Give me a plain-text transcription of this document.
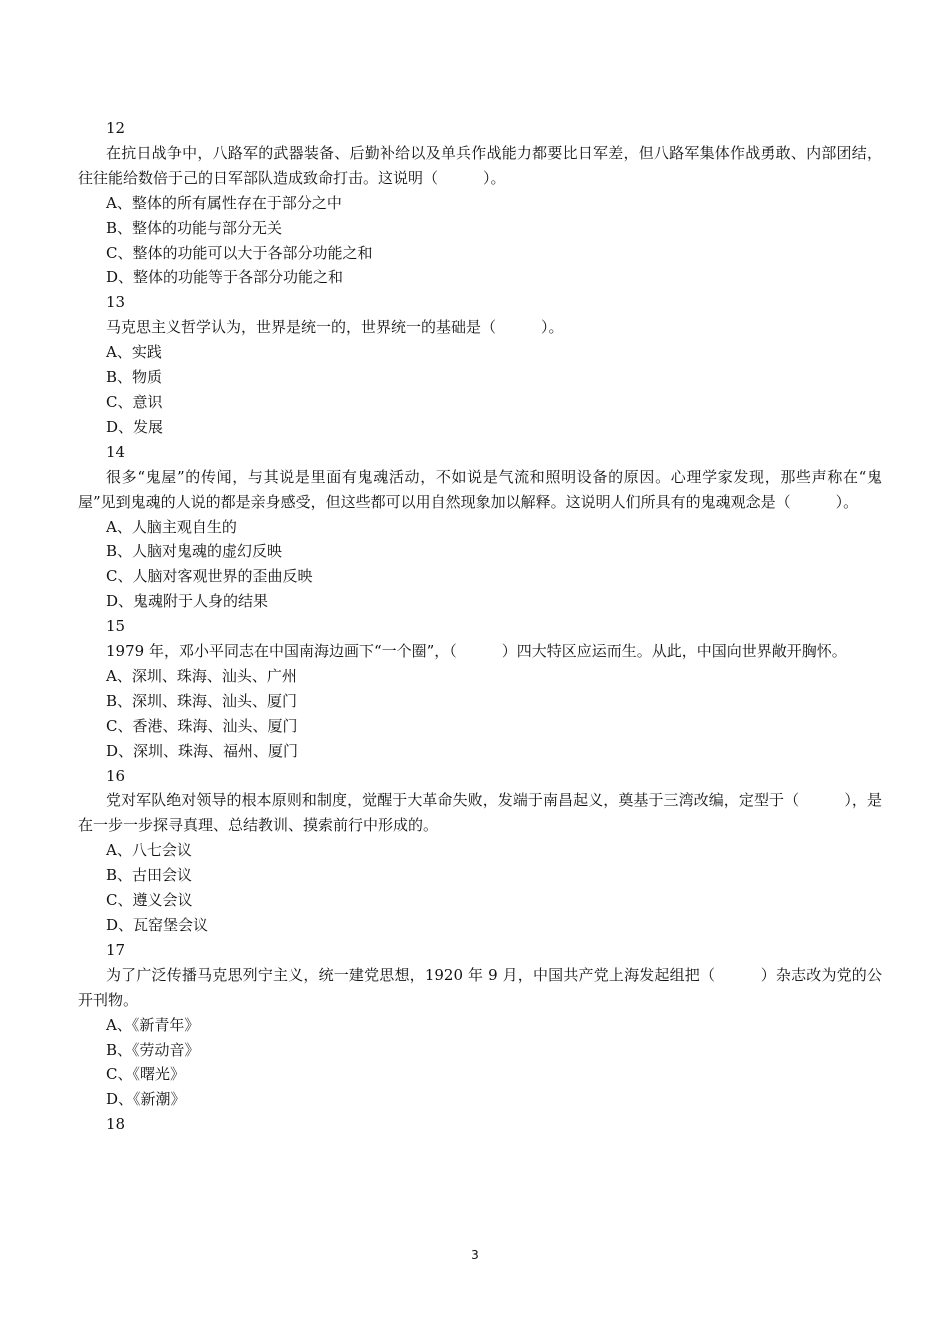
12
在抗日战争中，八路军的武器装备、后勤补给以及单兵作战能力都要比日军差，但八路军集体作战勇敢、内部团结，往往能给数倍于己的日军部队造成致命打击。这说明（　　　）。
A、整体的所有属性存在于部分之中
B、整体的功能与部分无关
C、整体的功能可以大于各部分功能之和
D、整体的功能等于各部分功能之和
13
马克思主义哲学认为，世界是统一的，世界统一的基础是（　　　）。
A、实践
B、物质
C、意识
D、发展
14
很多“鬼屋”的传闻，与其说是里面有鬼魂活动，不如说是气流和照明设备的原因。心理学家发现，那些声称在“鬼屋”见到鬼魂的人说的都是亲身感受，但这些都可以用自然现象加以解释。这说明人们所具有的鬼魂观念是（　　　）。
A、人脑主观自生的
B、人脑对鬼魂的虚幻反映
C、人脑对客观世界的歪曲反映
D、鬼魂附于人身的结果
15
1979 年，邓小平同志在中国南海边画下“一个圈”，（　　　）四大特区应运而生。从此，中国向世界敞开胸怀。
A、深圳、珠海、汕头、广州
B、深圳、珠海、汕头、厦门
C、香港、珠海、汕头、厦门
D、深圳、珠海、福州、厦门
16
党对军队绝对领导的根本原则和制度，觉醒于大革命失败，发端于南昌起义，奠基于三湾改编，定型于（　　　），是在一步一步探寻真理、总结教训、摸索前行中形成的。
A、八七会议
B、古田会议
C、遵义会议
D、瓦窑堡会议
17
为了广泛传播马克思列宁主义，统一建党思想，1920 年 9 月，中国共产党上海发起组把（　　　）杂志改为党的公开刊物。
A、《新青年》
B、《劳动音》
C、《曙光》
D、《新潮》
18
3
